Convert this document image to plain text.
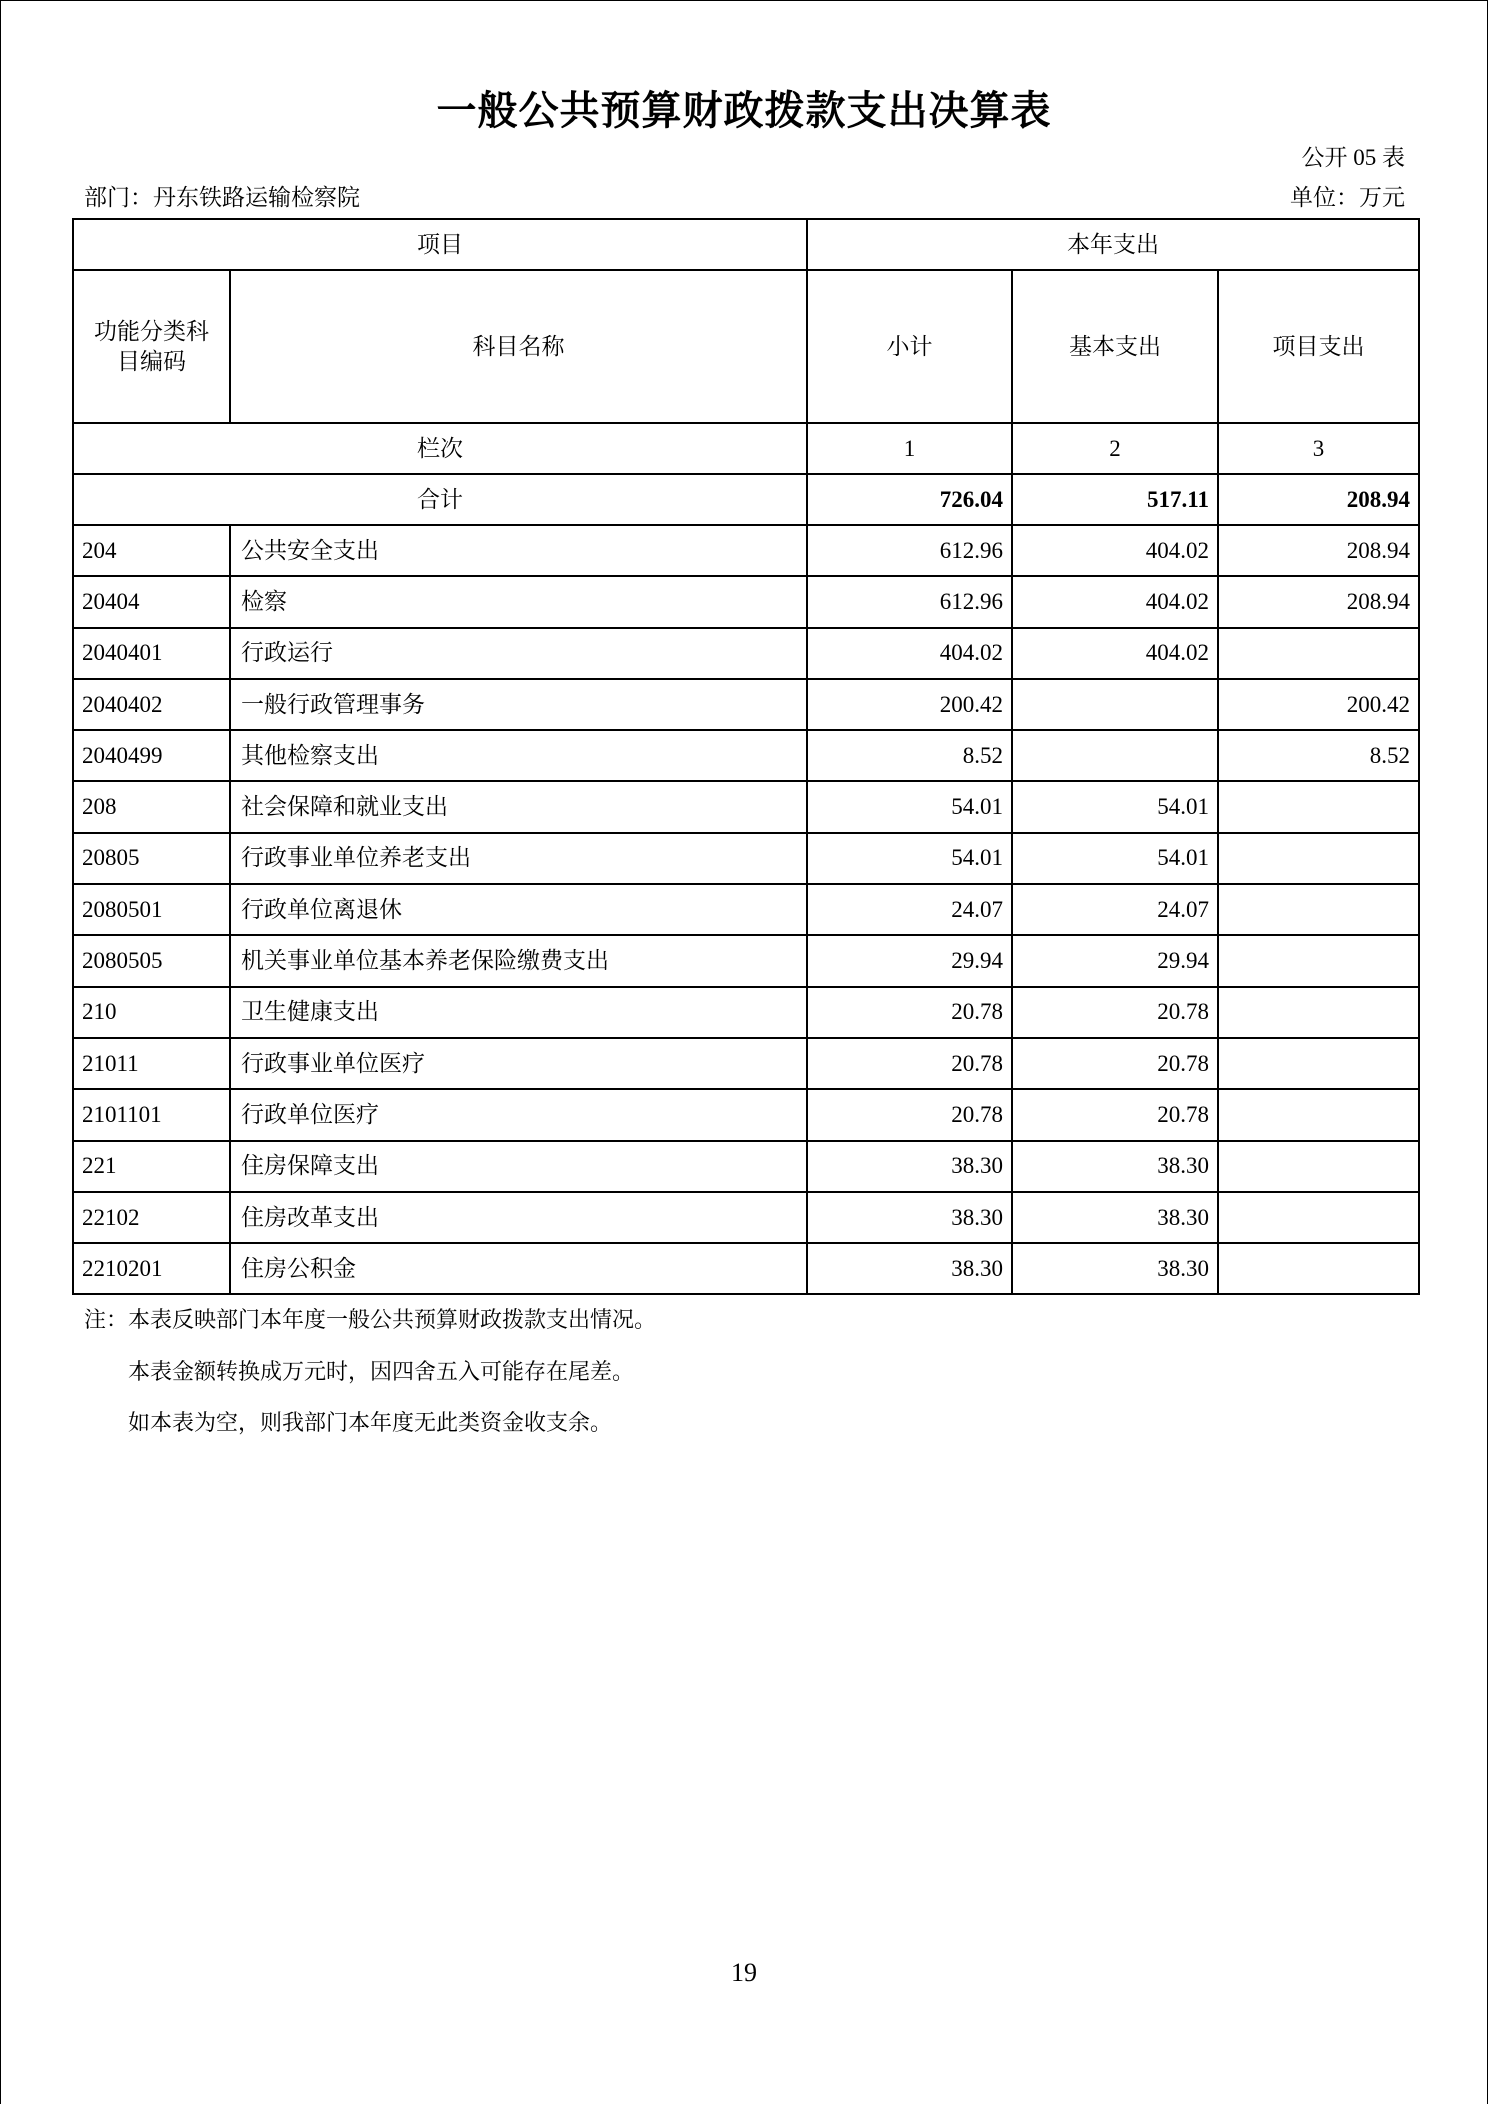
一般公共预算财政拨款支出决算表
公开 05 表
部门：丹东铁路运输检察院	单位：万元
项目		本年支出		
功能分类科目编码	科目名称	小计	基本支出	项目支出
栏次		1	2	3
合计		726.04	517.11	208.94
204	公共安全支出	612.96	404.02	208.94
20404	检察	612.96	404.02	208.94
2040401	行政运行	404.02	404.02	
2040402	一般行政管理事务	200.42		200.42
2040499	其他检察支出	8.52		8.52
208	社会保障和就业支出	54.01	54.01	
20805	行政事业单位养老支出	54.01	54.01	
2080501	行政单位离退休	24.07	24.07	
2080505	机关事业单位基本养老保险缴费支出	29.94	29.94	
210	卫生健康支出	20.78	20.78	
21011	行政事业单位医疗	20.78	20.78	
2101101	行政单位医疗	20.78	20.78	
221	住房保障支出	38.30	38.30	
22102	住房改革支出	38.30	38.30	
2210201	住房公积金	38.30	38.30	
注：本表反映部门本年度一般公共预算财政拨款支出情况。
本表金额转换成万元时，因四舍五入可能存在尾差。
如本表为空，则我部门本年度无此类资金收支余。
19
